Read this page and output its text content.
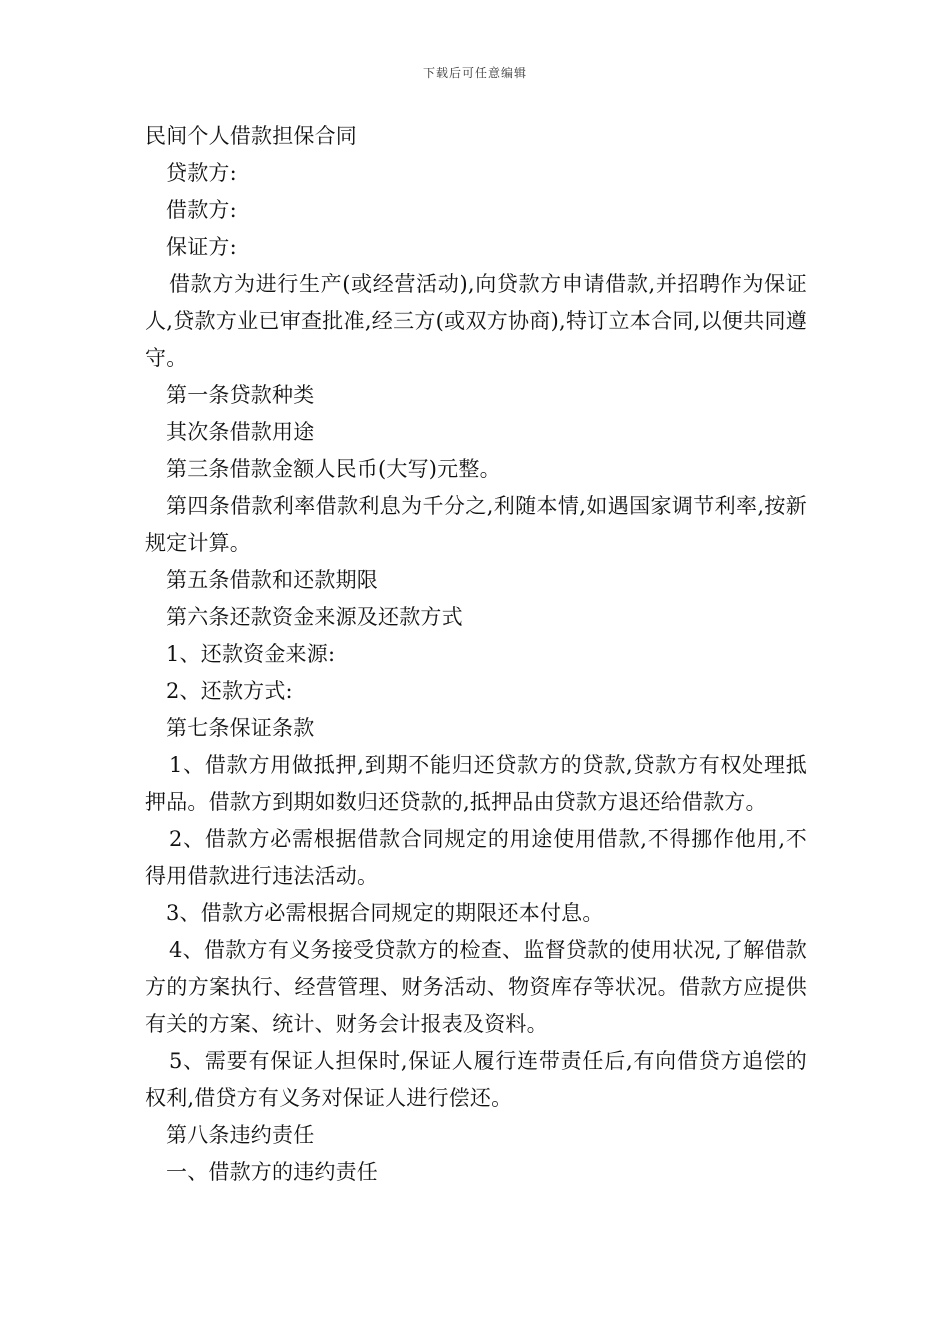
下载后可任意编辑

民间个人借款担保合同

贷款方:

借款方:

保证方:

借款方为进行生产(或经营活动),向贷款方申请借款,并招聘作为保证人,贷款方业已审查批准,经三方(或双方协商),特订立本合同,以便共同遵守。

第一条贷款种类

其次条借款用途

第三条借款金额人民币(大写)元整。

第四条借款利率借款利息为千分之,利随本情,如遇国家调节利率,按新规定计算。

第五条借款和还款期限

第六条还款资金来源及还款方式

1、还款资金来源:

2、还款方式:

第七条保证条款

1、借款方用做抵押,到期不能归还贷款方的贷款,贷款方有权处理抵押品。借款方到期如数归还贷款的,抵押品由贷款方退还给借款方。

2、借款方必需根据借款合同规定的用途使用借款,不得挪作他用,不得用借款进行违法活动。

3、借款方必需根据合同规定的期限还本付息。

4、借款方有义务接受贷款方的检查、监督贷款的使用状况,了解借款方的方案执行、经营管理、财务活动、物资库存等状况。借款方应提供有关的方案、统计、财务会计报表及资料。

5、需要有保证人担保时,保证人履行连带责任后,有向借贷方追偿的权利,借贷方有义务对保证人进行偿还。

第八条违约责任

一、借款方的违约责任
